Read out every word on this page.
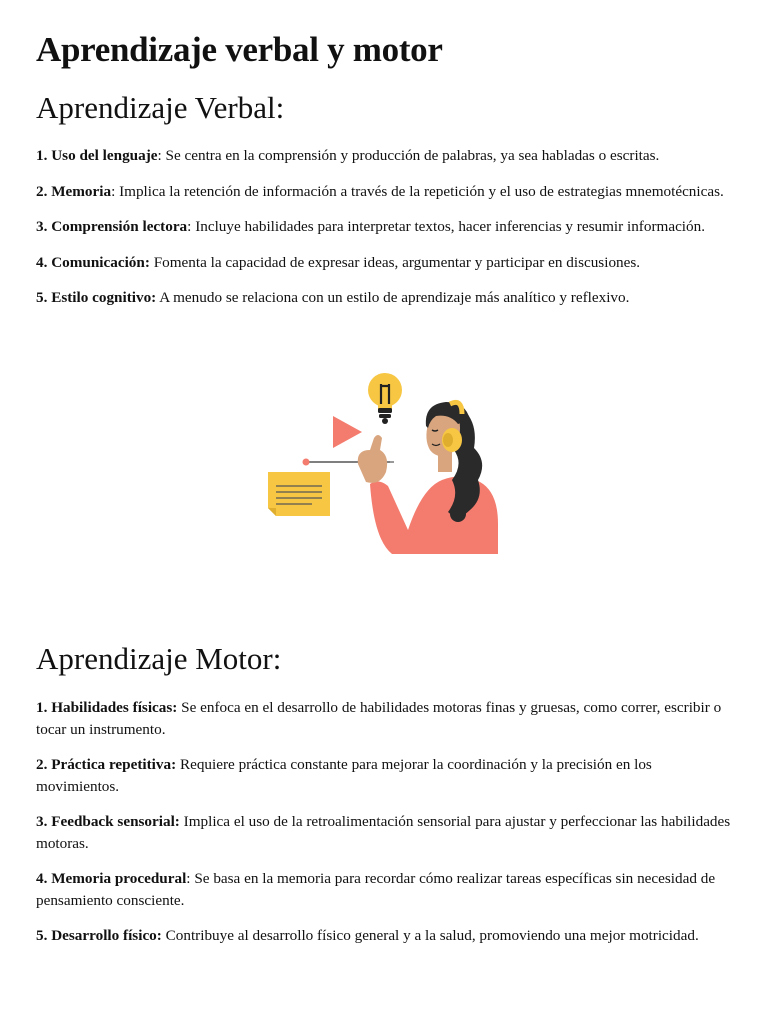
Aprendizaje verbal y motor
Aprendizaje Verbal:
1. Uso del lenguaje: Se centra en la comprensión y producción de palabras, ya sea habladas o escritas.
2. Memoria: Implica la retención de información a través de la repetición y el uso de estrategias mnemotécnicas.
3. Comprensión lectora: Incluye habilidades para interpretar textos, hacer inferencias y resumir información.
4. Comunicación: Fomenta la capacidad de expresar ideas, argumentar y participar en discusiones.
5. Estilo cognitivo: A menudo se relaciona con un estilo de aprendizaje más analítico y reflexivo.
Aprendizaje Motor:
1. Habilidades físicas: Se enfoca en el desarrollo de habilidades motoras finas y gruesas, como correr, escribir o tocar un instrumento.
2. Práctica repetitiva: Requiere práctica constante para mejorar la coordinación y la precisión en los movimientos.
3. Feedback sensorial: Implica el uso de la retroalimentación sensorial para ajustar y perfeccionar las habilidades motoras.
4. Memoria procedural: Se basa en la memoria para recordar cómo realizar tareas específicas sin necesidad de pensamiento consciente.
5. Desarrollo físico: Contribuye al desarrollo físico general y a la salud, promoviendo una mejor motricidad.
